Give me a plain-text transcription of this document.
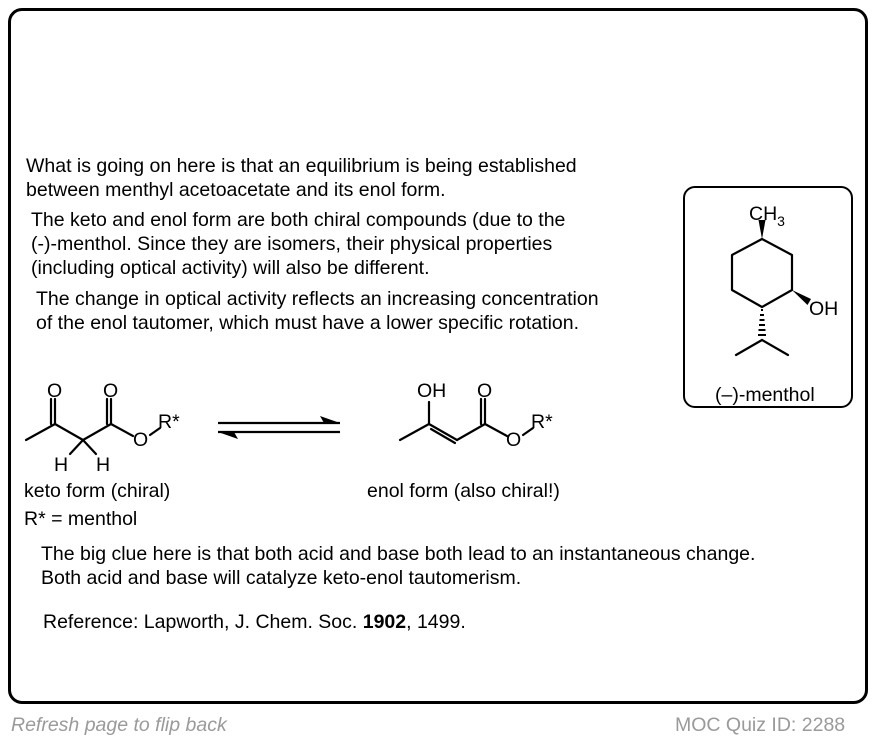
What is going on here is that an equilibrium is being established
between menthyl acetoacetate and its enol form.

The keto and enol form are both chiral compounds (due to the
(-)-menthol. Since they are isomers, their physical properties
(including optical activity) will also be different.

The change in optical activity reflects an increasing concentration
of the enol tautomer, which must have a lower specific rotation.

$CH_3$
OH
(–)-menthol
O O
O
R*
H H
OH O
O
R*
keto form (chiral)	enol form (also chiral!)
R* = menthol

The big clue here is that both acid and base both lead to an instantaneous change.
Both acid and base will catalyze keto-enol tautomerism.

Reference: Lapworth, J. Chem. Soc. 1902, 1499.

Refresh page to flip back	MOC Quiz ID: 2288
